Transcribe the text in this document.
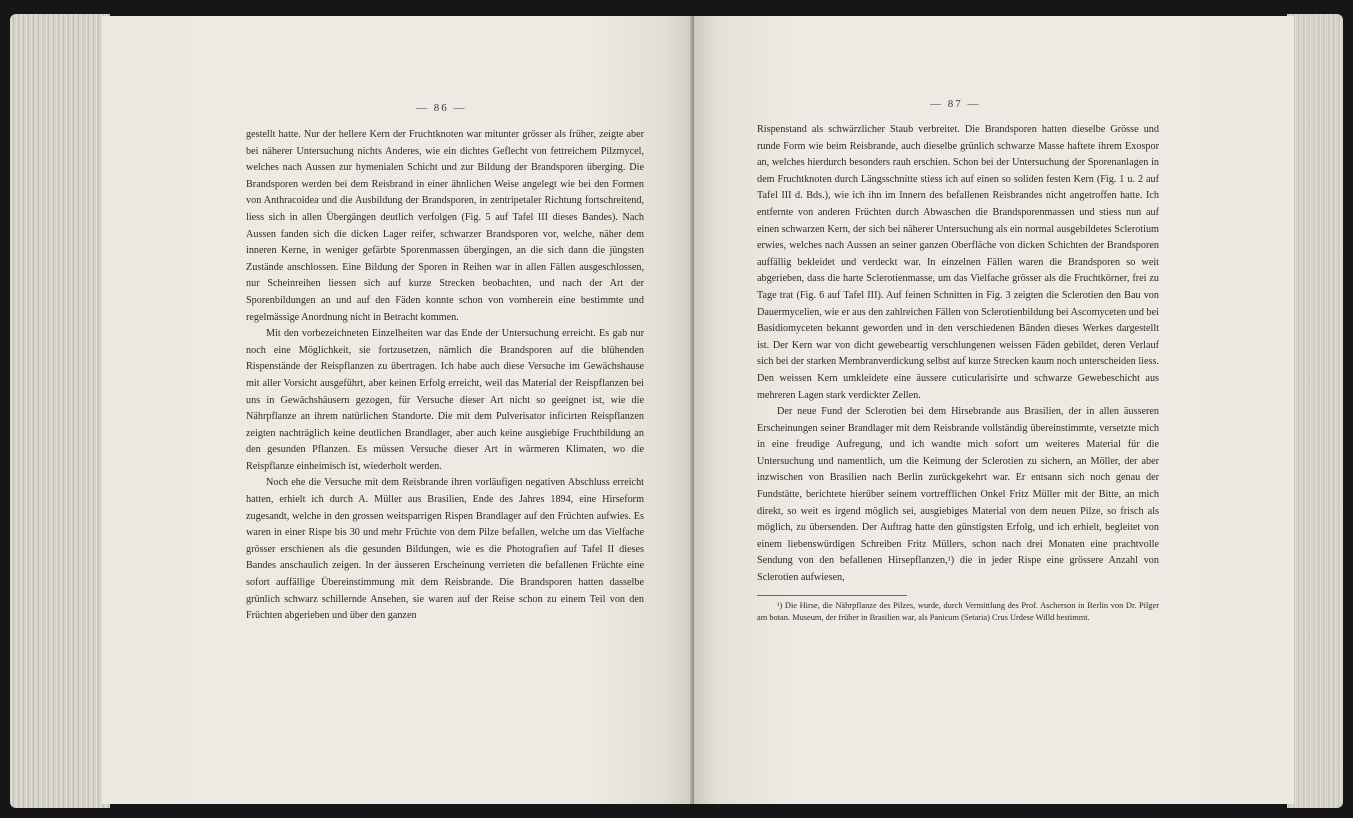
— 86 —

gestellt hatte. Nur der hellere Kern der Fruchtknoten war mitunter grösser als früher, zeigte aber bei näherer Untersuchung nichts Anderes, wie ein dichtes Geflecht von fettreichem Pilzmycel, welches nach Aussen zur hymenialen Schicht und zur Bildung der Brandsporen überging. Die Brandsporen werden bei dem Reisbrand in einer ähnlichen Weise angelegt wie bei den Formen von Anthracoidea und die Ausbildung der Brandsporen, in zentripetaler Richtung fortschreitend, liess sich in allen Übergängen deutlich verfolgen (Fig. 5 auf Tafel III dieses Bandes). Nach Aussen fanden sich die dicken Lager reifer, schwarzer Brandsporen vor, welche, näher dem inneren Kerne, in weniger gefärbte Sporenmassen übergingen, an die sich dann die jüngsten Zustände anschlossen. Eine Bildung der Sporen in Reihen war in allen Fällen ausgeschlossen, nur Scheinreihen liessen sich auf kurze Strecken beobachten, und nach der Art der Sporenbildungen an und auf den Fäden konnte schon von vornherein eine bestimmte und regelmässige Anordnung nicht in Betracht kommen.

Mit den vorbezeichneten Einzelheiten war das Ende der Untersuchung erreicht. Es gab nur noch eine Möglichkeit, sie fortzusetzen, nämlich die Brandsporen auf die blühenden Rispenstände der Reispflanzen zu übertragen. Ich habe auch diese Versuche im Gewächshause mit aller Vorsicht ausgeführt, aber keinen Erfolg erreicht, weil das Material der Reispflanzen bei uns in Gewächshäusern gezogen, für Versuche dieser Art nicht so geeignet ist, wie die Nährpflanze an ihrem natürlichen Standorte. Die mit dem Pulverisator inficirten Reispflanzen zeigten nachträglich keine deutlichen Brandlager, aber auch keine ausgiebige Fruchtbildung an den gesunden Pflanzen. Es müssen Versuche dieser Art in wärmeren Klimaten, wo die Reispflanze einheimisch ist, wiederholt werden.

Noch ehe die Versuche mit dem Reisbrande ihren vorläufigen negativen Abschluss erreicht hatten, erhielt ich durch A. Müller aus Brasilien, Ende des Jahres 1894, eine Hirseform zugesandt, welche in den grossen weitsparrigen Rispen Brandlager auf den Früchten aufwies. Es waren in einer Rispe bis 30 und mehr Früchte von dem Pilze befallen, welche um das Vielfache grösser erschienen als die gesunden Bildungen, wie es die Photografien auf Tafel II dieses Bandes anschaulich zeigen. In der äusseren Erscheinung verrieten die befallenen Früchte eine sofort auffällige Übereinstimmung mit dem Reisbrande. Die Brandsporen hatten dasselbe grünlich schwarz schillernde Ansehen, sie waren auf der Reise schon zu einem Teil von den Früchten abgerieben und über den ganzen

— 87 —

Rispenstand als schwärzlicher Staub verbreitet. Die Brandsporen hatten dieselbe Grösse und runde Form wie beim Reisbrande, auch dieselbe grünlich schwarze Masse haftete ihrem Exospor an, welches hierdurch besonders rauh erschien. Schon bei der Untersuchung der Sporenanlagen in dem Fruchtknoten durch Längsschnitte stiess ich auf einen so soliden festen Kern (Fig. 1 u. 2 auf Tafel III d. Bds.), wie ich ihn im Innern des befallenen Reisbrandes nicht angetroffen hatte. Ich entfernte von anderen Früchten durch Abwaschen die Brandsporenmassen und stiess nun auf einen schwarzen Kern, der sich bei näherer Untersuchung als ein normal ausgebildetes Sclerotium erwies, welches nach Aussen an seiner ganzen Oberfläche von dicken Schichten der Brandsporen auffällig bekleidet und verdeckt war. In einzelnen Fällen waren die Brandsporen so weit abgerieben, dass die harte Sclerotienmasse, um das Vielfache grösser als die Fruchtkörner, frei zu Tage trat (Fig. 6 auf Tafel III). Auf feinen Schnitten in Fig. 3 zeigten die Sclerotien den Bau von Dauermycelien, wie er aus den zahlreichen Fällen von Sclerotienbildung bei Ascomyceten und bei Basidiomyceten bekannt geworden und in den verschiedenen Bänden dieses Werkes dargestellt ist. Der Kern war von dicht gewebeartig verschlungenen weissen Fäden gebildet, deren Verlauf sich bei der starken Membranverdickung selbst auf kurze Strecken kaum noch unterscheiden liess. Den weissen Kern umkleidete eine äussere cuticularisirte und schwarze Gewebeschicht aus mehreren Lagen stark verdickter Zellen.

Der neue Fund der Sclerotien bei dem Hirsebrande aus Brasilien, der in allen äusseren Erscheinungen seiner Brandlager mit dem Reisbrande vollständig übereinstimmte, versetzte mich in eine freudige Aufregung, und ich wandte mich sofort um weiteres Material für die Untersuchung und namentlich, um die Keimung der Sclerotien zu sichern, an Möller, der aber inzwischen von Brasilien nach Berlin zurückgekehrt war. Er entsann sich noch genau der Fundstätte, berichtete hierüber seinem vortrefflichen Onkel Fritz Müller mit der Bitte, an mich direkt, so weit es irgend möglich sei, ausgiebiges Material von dem neuen Pilze, so frisch als möglich, zu übersenden. Der Auftrag hatte den günstigsten Erfolg, und ich erhielt, begleitet von einem liebenswürdigen Schreiben Fritz Müllers, schon nach drei Monaten eine prachtvolle Sendung von den befallenen Hirsepflanzen,¹) die in jeder Rispe eine grössere Anzahl von Sclerotien aufwiesen,

¹) Die Hirse, die Nährpflanze des Pilzes, wurde, durch Vermittlung des Prof. Ascherson in Berlin von Dr. Pilger am botan. Museum, der früher in Brasilien war, als Panicum (Setaria) Crus Urdese Willd bestimmt.
